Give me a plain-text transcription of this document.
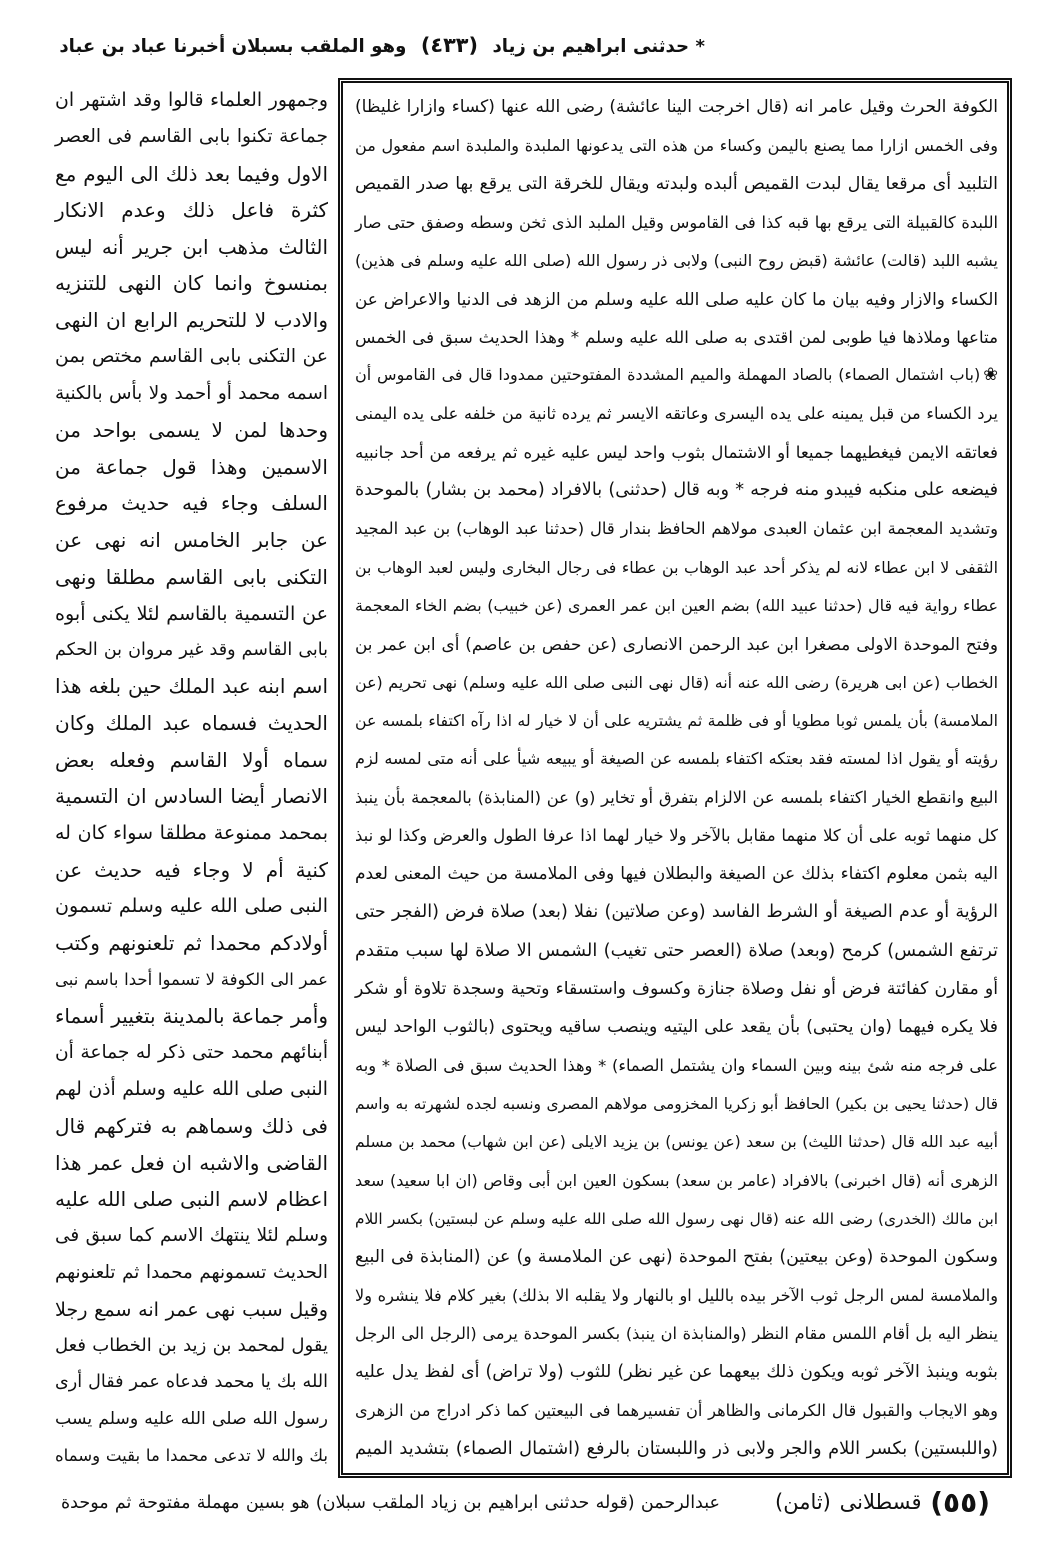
* حدثنى ابراهيم بن زياد (٤٣٣) وهو الملقب بسبلان أخبرنا عباد بن عباد
الكوفة الحرث وقيل عامر انه (قال اخرجت الينا عائشة) رضى الله عنها (كساء وازارا غليظا)
وفى الخمس ازارا مما يصنع باليمن وكساء من هذه التى يدعونها الملبدة والملبدة اسم مفعول من
التلبيد أى مرقعا يقال لبدت القميص ألبده ولبدته ويقال للخرقة التى يرقع بها صدر القميص
اللبدة كالقبيلة التى يرقع بها قبه كذا فى القاموس وقيل الملبد الذى ثخن وسطه وصفق حتى صار
يشبه اللبد (قالت) عائشة (قبض روح النبى) ولابى ذر رسول الله (صلى الله عليه وسلم فى هذين)
الكساء والازار وفيه بيان ما كان عليه صلى الله عليه وسلم من الزهد فى الدنيا والاعراض عن
متاعها وملاذها فيا طوبى لمن اقتدى به صلى الله عليه وسلم * وهذا الحديث سبق فى الخمس
❀(باب اشتمال الصماء) بالصاد المهملة والميم المشددة المفتوحتين ممدودا قال فى القاموس أن
يرد الكساء من قبل يمينه على يده اليسرى وعاتقه الايسر ثم يرده ثانية من خلفه على يده اليمنى
فعاتقه الايمن فيغطيهما جميعا أو الاشتمال بثوب واحد ليس عليه غيره ثم يرفعه من أحد جانبيه
فيضعه على منكبه فيبدو منه فرجه * وبه قال (حدثنى) بالافراد (محمد بن بشار) بالموحدة
وتشديد المعجمة ابن عثمان العبدى مولاهم الحافظ بندار قال (حدثنا عبد الوهاب) بن عبد المجيد
الثقفى لا ابن عطاء لانه لم يذكر أحد عبد الوهاب بن عطاء فى رجال البخارى وليس لعبد الوهاب بن
عطاء رواية فيه قال (حدثنا عبيد الله) بضم العين ابن عمر العمرى (عن خبيب) بضم الخاء المعجمة
وفتح الموحدة الاولى مصغرا ابن عبد الرحمن الانصارى (عن حفص بن عاصم) أى ابن عمر بن
الخطاب (عن ابى هريرة) رضى الله عنه أنه (قال نهى النبى صلى الله عليه وسلم) نهى تحريم (عن
الملامسة) بأن يلمس ثوبا مطويا أو فى ظلمة ثم يشتريه على أن لا خيار له اذا رآه اكتفاء بلمسه عن
رؤيته أو يقول اذا لمسته فقد بعتكه اكتفاء بلمسه عن الصيغة أو يبيعه شيأ على أنه متى لمسه لزم
البيع وانقطع الخيار اكتفاء بلمسه عن الالزام بتفرق أو تخاير (و) عن (المنابذة) بالمعجمة بأن ينبذ
كل منهما ثوبه على أن كلا منهما مقابل بالآخر ولا خيار لهما اذا عرفا الطول والعرض وكذا لو نبذ
اليه بثمن معلوم اكتفاء بذلك عن الصيغة والبطلان فيها وفى الملامسة من حيث المعنى لعدم
الرؤية أو عدم الصيغة أو الشرط الفاسد (وعن صلاتين) نفلا (بعد) صلاة فرض (الفجر حتى
ترتفع الشمس) كرمح (وبعد) صلاة (العصر حتى تغيب) الشمس الا صلاة لها سبب متقدم
أو مقارن كفائتة فرض أو نفل وصلاة جنازة وكسوف واستسقاء وتحية وسجدة تلاوة أو شكر
فلا يكره فيهما (وان يحتبى) بأن يقعد على اليتيه وينصب ساقيه ويحتوى (بالثوب الواحد ليس
على فرجه منه شئ بينه وبين السماء وان يشتمل الصماء) * وهذا الحديث سبق فى الصلاة * وبه
قال (حدثنا يحيى بن بكير) الحافظ أبو زكريا المخزومى مولاهم المصرى ونسبه لجده لشهرته به واسم
أبيه عبد الله قال (حدثنا الليث) بن سعد (عن يونس) بن يزيد الايلى (عن ابن شهاب) محمد بن مسلم
الزهرى أنه (قال اخبرنى) بالافراد (عامر بن سعد) بسكون العين ابن أبى وقاص (ان ابا سعيد) سعد
ابن مالك (الخدرى) رضى الله عنه (قال نهى رسول الله صلى الله عليه وسلم عن لبستين) بكسر اللام
وسكون الموحدة (وعن بيعتين) بفتح الموحدة (نهى عن الملامسة و) عن (المنابذة فى البيع
والملامسة لمس الرجل ثوب الآخر بيده بالليل او بالنهار ولا يقلبه الا بذلك) بغير كلام فلا ينشره ولا
ينظر اليه بل أقام اللمس مقام النظر (والمنابذة ان ينبذ) بكسر الموحدة يرمى (الرجل الى الرجل
بثوبه وينبذ الآخر ثوبه ويكون ذلك بيعهما عن غير نظر) للثوب (ولا تراض) أى لفظ يدل عليه
وهو الايجاب والقبول قال الكرمانى والظاهر أن تفسيرهما فى البيعتين كما ذكر ادراج من الزهرى
(واللبستين) بكسر اللام والجر ولابى ذر واللبستان بالرفع (اشتمال الصماء) بتشديد الميم
وجمهور العلماء قالوا وقد اشتهر ان
جماعة تكنوا بابى القاسم فى العصر
الاول وفيما بعد ذلك الى اليوم مع
كثرة فاعل ذلك وعدم الانكار
الثالث مذهب ابن جرير أنه ليس
بمنسوخ وانما كان النهى للتنزيه
والادب لا للتحريم الرابع ان النهى
عن التكنى بابى القاسم مختص بمن
اسمه محمد أو أحمد ولا بأس بالكنية
وحدها لمن لا يسمى بواحد من
الاسمين وهذا قول جماعة من
السلف وجاء فيه حديث مرفوع
عن جابر الخامس انه نهى عن
التكنى بابى القاسم مطلقا ونهى
عن التسمية بالقاسم لئلا يكنى أبوه
بابى القاسم وقد غير مروان بن الحكم
اسم ابنه عبد الملك حين بلغه هذا
الحديث فسماه عبد الملك وكان
سماه أولا القاسم وفعله بعض
الانصار أيضا السادس ان التسمية
بمحمد ممنوعة مطلقا سواء كان له
كنية أم لا وجاء فيه حديث عن
النبى صلى الله عليه وسلم تسمون
أولادكم محمدا ثم تلعنونهم وكتب
عمر الى الكوفة لا تسموا أحدا باسم نبى
وأمر جماعة بالمدينة بتغيير أسماء
أبنائهم محمد حتى ذكر له جماعة أن
النبى صلى الله عليه وسلم أذن لهم
فى ذلك وسماهم به فتركهم قال
القاضى والاشبه ان فعل عمر هذا
اعظام لاسم النبى صلى الله عليه
وسلم لئلا ينتهك الاسم كما سبق فى
الحديث تسمونهم محمدا ثم تلعنونهم
وقيل سبب نهى عمر انه سمع رجلا
يقول لمحمد بن زيد بن الخطاب فعل
الله بك يا محمد فدعاه عمر فقال أرى
رسول الله صلى الله عليه وسلم يسب
بك والله لا تدعى محمدا ما بقيت وسماه
(٥٥)
قسطلانى
(ثامن)
عبدالرحمن (قوله حدثنى ابراهيم بن زياد الملقب سبلان) هو بسين مهملة مفتوحة ثم موحدة
